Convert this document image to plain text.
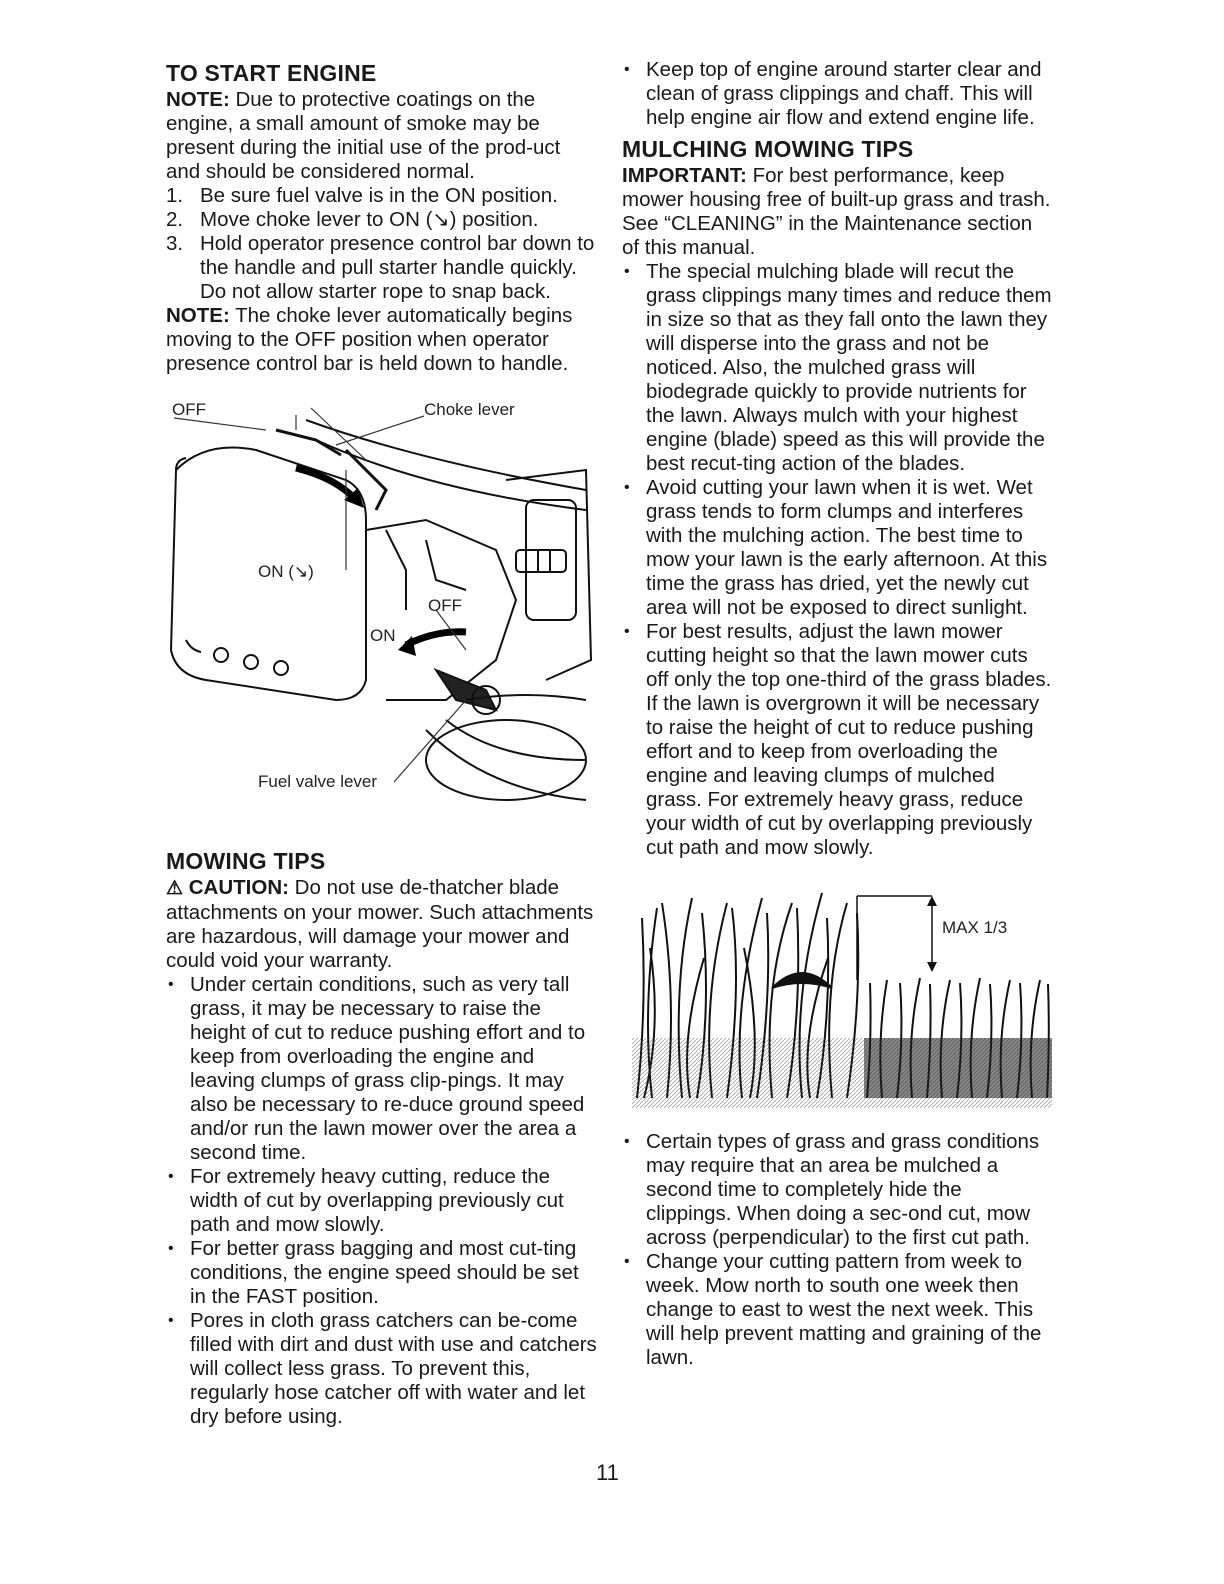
TO START ENGINE

NOTE: Due to protective coatings on the engine, a small amount of smoke may be present during the initial use of the prod-uct and should be considered normal.

1. Be sure fuel valve is in the ON position.
2. Move choke lever to ON (↘) position.
3. Hold operator presence control bar down to the handle and pull starter handle quickly. Do not allow starter rope to snap back.

NOTE: The choke lever automatically begins moving to the OFF position when operator presence control bar is held down to handle.

OFF	Choke lever
ON (↘)
OFF
ON
Fuel valve lever
MOWING TIPS

⚠ CAUTION: Do not use de-thatcher blade attachments on your mower. Such attachments are hazardous, will damage your mower and could void your warranty.

• Under certain conditions, such as very tall grass, it may be necessary to raise the height of cut to reduce pushing effort and to keep from overloading the engine and leaving clumps of grass clip-pings. It may also be necessary to re-duce ground speed and/or run the lawn mower over the area a second time.
• For extremely heavy cutting, reduce the width of cut by overlapping previously cut path and mow slowly.
• For better grass bagging and most cut-ting conditions, the engine speed should be set in the FAST position.
• Pores in cloth grass catchers can be-come filled with dirt and dust with use and catchers will collect less grass. To prevent this, regularly hose catcher off with water and let dry before using.
• Keep top of engine around starter clear and clean of grass clippings and chaff. This will help engine air flow and extend engine life.
MULCHING MOWING TIPS

IMPORTANT: For best performance, keep mower housing free of built-up grass and trash. See “CLEANING” in the Maintenance section of this manual.

• The special mulching blade will recut the grass clippings many times and reduce them in size so that as they fall onto the lawn they will disperse into the grass and not be noticed. Also, the mulched grass will biodegrade quickly to provide nutrients for the lawn. Always mulch with your highest engine (blade) speed as this will provide the best recut-ting action of the blades.
• Avoid cutting your lawn when it is wet. Wet grass tends to form clumps and interferes with the mulching action. The best time to mow your lawn is the early afternoon. At this time the grass has dried, yet the newly cut area will not be exposed to direct sunlight.
• For best results, adjust the lawn mower cutting height so that the lawn mower cuts off only the top one-third of the grass blades. If the lawn is overgrown it will be necessary to raise the height of cut to reduce pushing effort and to keep from overloading the engine and leaving clumps of mulched grass. For extremely heavy grass, reduce your width of cut by overlapping previously cut path and mow slowly.
MAX 1/3
• Certain types of grass and grass conditions may require that an area be mulched a second time to completely hide the clippings. When doing a sec-ond cut, mow across (perpendicular) to the first cut path.
• Change your cutting pattern from week to week. Mow north to south one week then change to east to west the next week. This will help prevent matting and graining of the lawn.
11
